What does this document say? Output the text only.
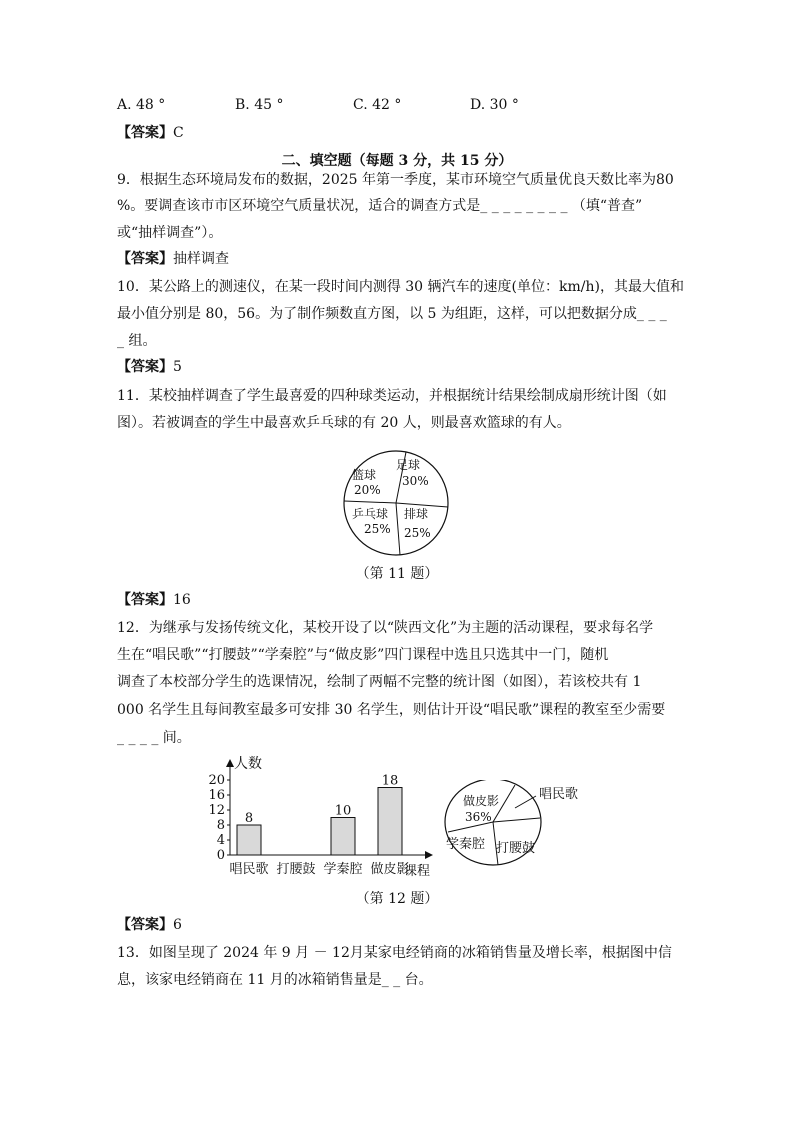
A. 48 °	B. 45 °	C. 42 °	D. 30 °
【答案】C
二、填空题（每题 3 分，共 15 分）
9．根据生态环境局发布的数据，2025 年第一季度，某市环境空气质量优良天数比率为80
%。要调查该市市区环境空气质量状况，适合的调查方式是_ _ _ _ _ _ _ _ （填“普查”
或“抽样调查”）。
【答案】抽样调查
10．某公路上的测速仪，在某一段时间内测得 30 辆汽车的速度(单位：km/h)，其最大值和
最小值分别是 80，56。为了制作频数直方图，以 5 为组距，这样，可以把数据分成_ _ _
_ 组。
【答案】5
11．某校抽样调查了学生最喜爱的四种球类运动，并根据统计结果绘制成扇形统计图（如
图）。若被调查的学生中最喜欢乒乓球的有 20 人，则最喜欢篮球的有人。
篮球
20%
足球
30%
乒乓球
25%
排球
25%
（第 11 题）
【答案】16
12．为继承与发扬传统文化，某校开设了以“陕西文化”为主题的活动课程，要求每名学
生在“唱民歌”“打腰鼓”“学秦腔”与“做皮影”四门课程中选且只选其中一门，随机
调查了本校部分学生的选课情况，绘制了两幅不完整的统计图（如图），若该校共有 1
000 名学生且每间教室最多可安排 30 名学生，则估计开设“唱民歌”课程的教室至少需要
_ _ _ _ 间。
人数
课程
0
4
8
12
16
20
8
唱民歌 打腰鼓
10
学秦腔
18
做皮影
做皮影
36%
唱民歌
学秦腔 打腰鼓
（第 12 题）
【答案】6
13．如图呈现了 2024 年 9 月 － 12月某家电经销商的冰箱销售量及增长率，根据图中信
息，该家电经销商在 11 月的冰箱销售量是_ _ 台。
